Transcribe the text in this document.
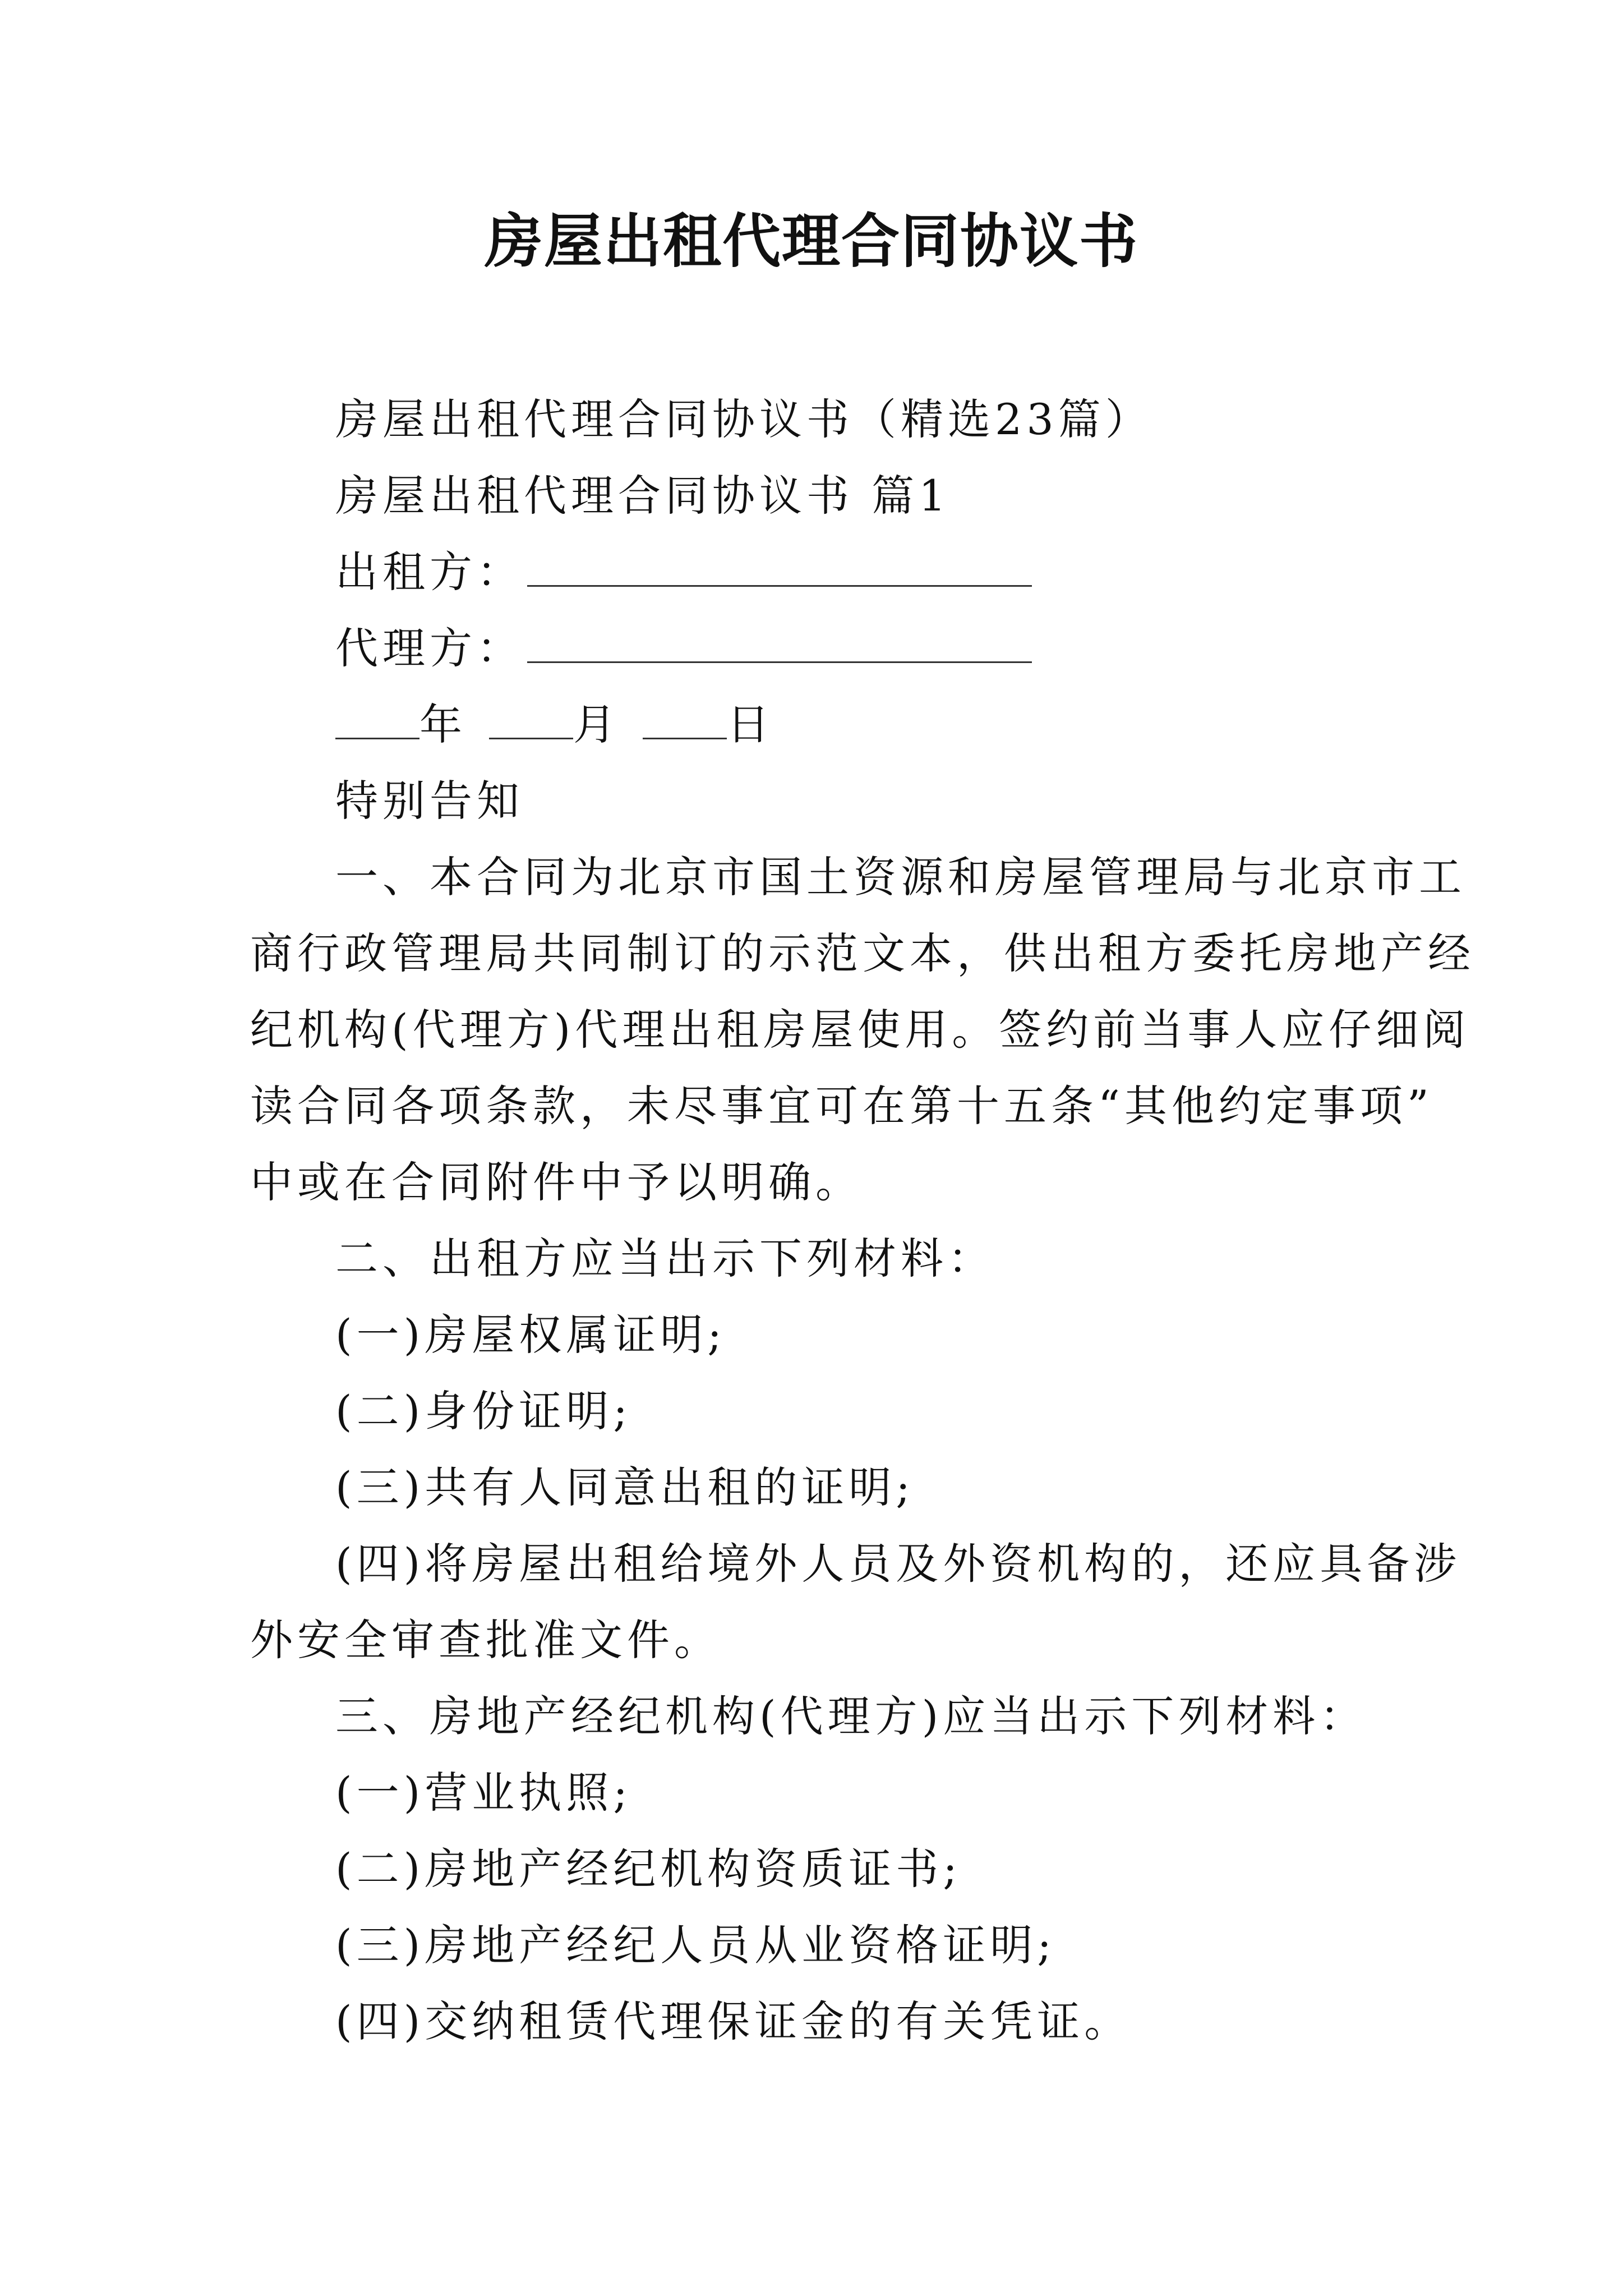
房屋出租代理合同协议书

房屋出租代理合同协议书（精选23篇）

房屋出租代理合同协议书 篇1

出租方：

代理方：

年	月	日

特别告知

一、本合同为北京市国土资源和房屋管理局与北京市工

商行政管理局共同制订的示范文本，供出租方委托房地产经

纪机构(代理方)代理出租房屋使用。签约前当事人应仔细阅

读合同各项条款，未尽事宜可在第十五条“其他约定事项”

中或在合同附件中予以明确。

二、出租方应当出示下列材料：

(一)房屋权属证明;

(二)身份证明;

(三)共有人同意出租的证明;

(四)将房屋出租给境外人员及外资机构的，还应具备涉

外安全审查批准文件。

三、房地产经纪机构(代理方)应当出示下列材料：

(一)营业执照;

(二)房地产经纪机构资质证书;

(三)房地产经纪人员从业资格证明;

(四)交纳租赁代理保证金的有关凭证。
